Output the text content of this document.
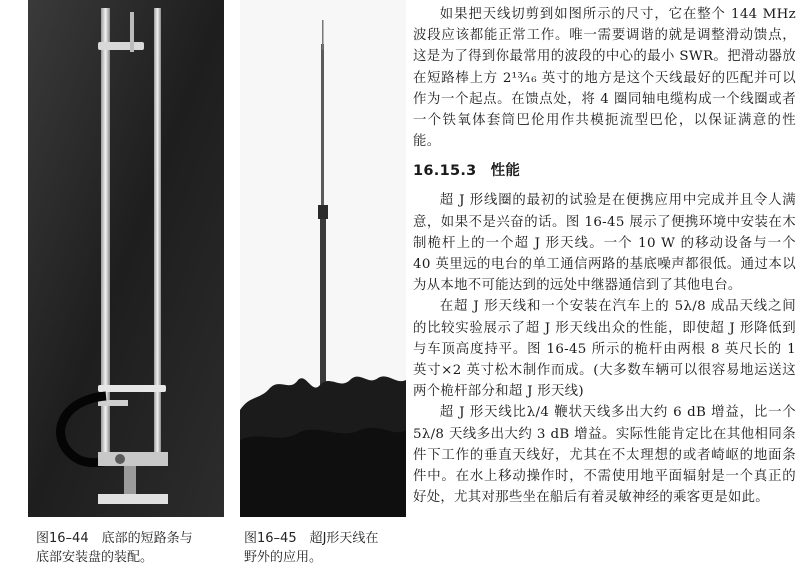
图16–44　底部的短路条与
底部安装盘的装配。
图16–45　超J形天线在
野外的应用。

如果把天线切剪到如图所示的尺寸，它在整个 144 MHz 波段应该都能正常工作。唯一需要调谐的就是调整滑动馈点，这是为了得到你最常用的波段的中心的最小 SWR。把滑动器放在短路棒上方 2¹³⁄₁₆ 英寸的地方是这个天线最好的匹配并可以作为一个起点。在馈点处，将 4 圈同轴电缆构成一个线圈或者一个铁氧体套筒巴伦用作共模扼流型巴伦，以保证满意的性能。

16.15.3 性能

超 J 形线圈的最初的试验是在便携应用中完成并且令人满意，如果不是兴奋的话。图 16-45 展示了便携环境中安装在木制桅杆上的一个超 J 形天线。一个 10 W 的移动设备与一个 40 英里远的电台的单工通信两路的基底噪声都很低。通过本以为从本地不可能达到的远处中继器通信到了其他电台。

在超 J 形天线和一个安装在汽车上的 5λ/8 成品天线之间的比较实验展示了超 J 形天线出众的性能，即使超 J 形降低到与车顶高度持平。图 16-45 所示的桅杆由两根 8 英尺长的 1 英寸×2 英寸松木制作而成。(大多数车辆可以很容易地运送这两个桅杆部分和超 J 形天线)

超 J 形天线比λ/4 鞭状天线多出大约 6 dB 增益，比一个 5λ/8 天线多出大约 3 dB 增益。实际性能肯定比在其他相同条件下工作的垂直天线好，尤其在不太理想的或者崎岖的地面条件中。在水上移动操作时，不需使用地平面辐射是一个真正的好处，尤其对那些坐在船后有着灵敏神经的乘客更是如此。
